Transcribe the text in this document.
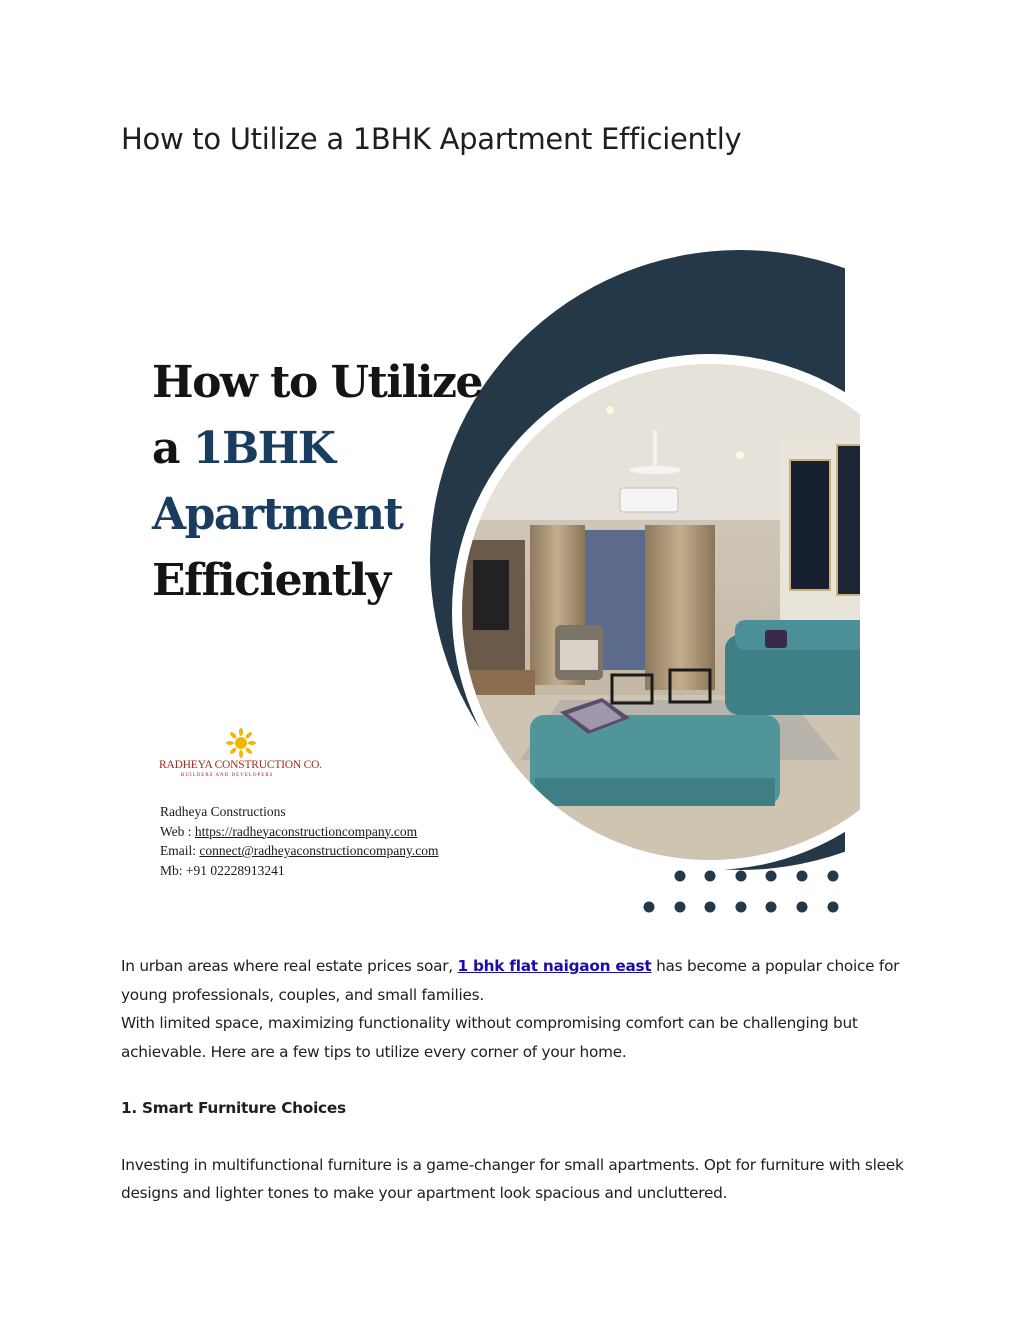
How to Utilize a 1BHK Apartment Efficiently
How to Utilize
a 1BHK
Apartment
Efficiently
RADHEYA CONSTRUCTION CO.
BUILDERS AND DEVELOPERS
Radheya Constructions
Web : https://radheyaconstructioncompany.com
Email: connect@radheyaconstructioncompany.com
Mb: +91 02228913241

In urban areas where real estate prices soar, 1 bhk flat naigaon east has become a popular choice for young professionals, couples, and small families.

With limited space, maximizing functionality without compromising comfort can be challenging but achievable. Here are a few tips to utilize every corner of your home.

1. Smart Furniture Choices

Investing in multifunctional furniture is a game-changer for small apartments. Opt for furniture with sleek designs and lighter tones to make your apartment look spacious and uncluttered.
